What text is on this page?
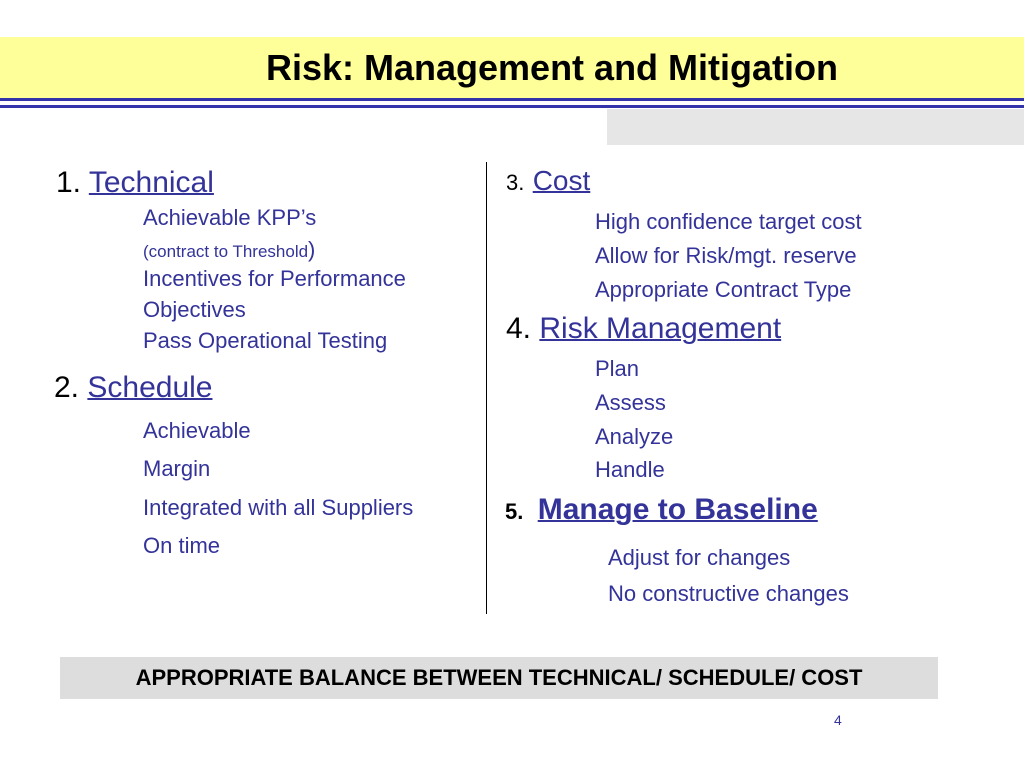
Risk: Management and Mitigation
1. Technical
Achievable KPP’s
(contract to Threshold)
Incentives for Performance
Objectives
Pass Operational Testing
2. Schedule
Achievable
Margin
Integrated with all Suppliers
On time
3. Cost
High confidence target cost
Allow for Risk/mgt. reserve
Appropriate Contract Type
4. Risk Management
Plan
Assess
Analyze
Handle
5. Manage to Baseline
Adjust for changes
No constructive changes
APPROPRIATE BALANCE BETWEEN TECHNICAL/ SCHEDULE/ COST
4
